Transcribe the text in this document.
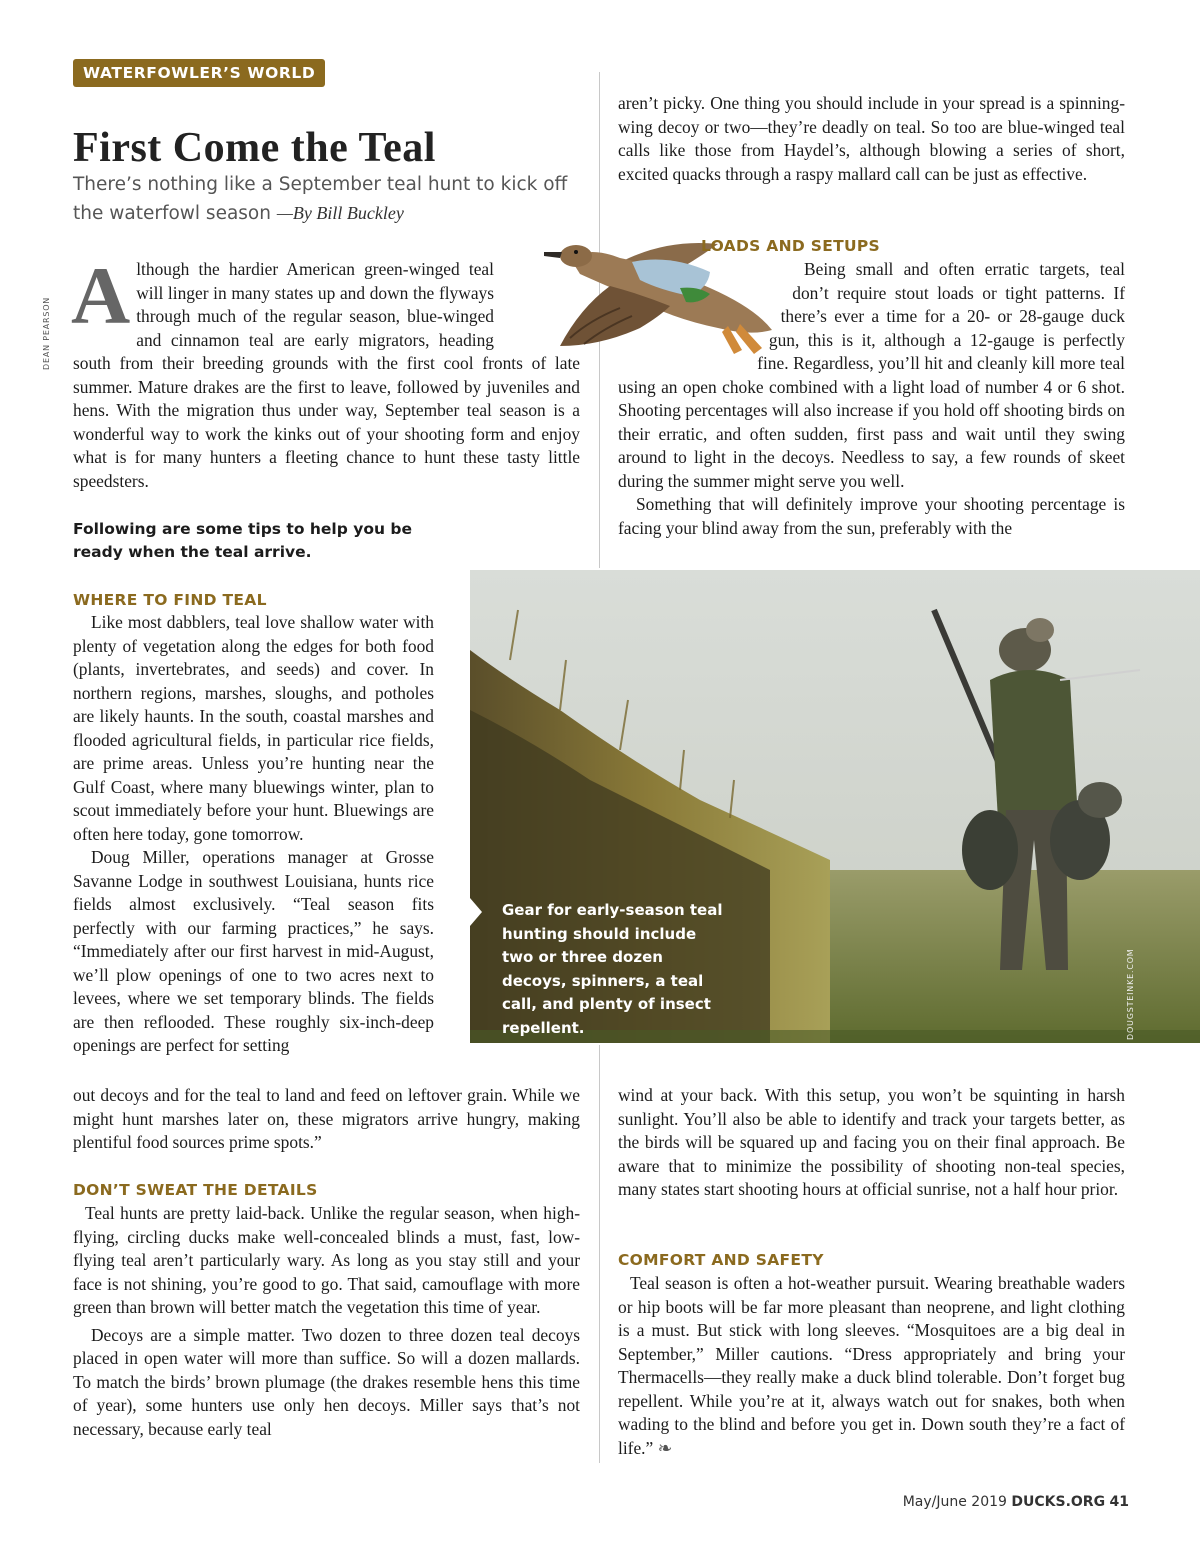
WATERFOWLER’S WORLD
First Come the Teal
There’s nothing like a September teal hunt to kick off the waterfowl season —By Bill Buckley
DEAN PEARSON Although the hardier American green-winged teal will linger in many states up and down the flyways through much of the regular season, blue-winged and cinnamon teal are early migrators, heading south from their breeding grounds with the first cool fronts of late summer. Mature drakes are the first to leave, followed by juveniles and hens. With the migration thus under way, September teal season is a wonderful way to work the kinks out of your shooting form and enjoy what is for many hunters a fleeting chance to hunt these tasty little speedsters.
Following are some tips to help you be ready when the teal arrive.
WHERE TO FIND TEAL

Like most dabblers, teal love shallow water with plenty of vegetation along the edges for both food (plants, invertebrates, and seeds) and cover. In northern regions, marshes, sloughs, and potholes are likely haunts. In the south, coastal marshes and flooded agricultural fields, in particular rice fields, are prime areas. Unless you’re hunting near the Gulf Coast, where many bluewings winter, plan to scout immediately before your hunt. Bluewings are often here today, gone tomorrow.

Doug Miller, operations manager at Grosse Savanne Lodge in southwest Louisiana, hunts rice fields almost exclusively. “Teal season fits perfectly with our farming practices,” he says. “Immediately after our first harvest in mid-August, we’ll plow openings of one to two acres next to levees, where we set temporary blinds. The fields are then reflooded. These roughly six-inch-deep openings are perfect for setting

out decoys and for the teal to land and feed on leftover grain. While we might hunt marshes later on, these migrators arrive hungry, making plentiful food sources prime spots.”

DON’T SWEAT THE DETAILS

Teal hunts are pretty laid-back. Unlike the regular season, when high-flying, circling ducks make well-concealed blinds a must, fast, low-flying teal aren’t particularly wary. As long as you stay still and your face is not shining, you’re good to go. That said, camouflage with more green than brown will better match the vegetation this time of year.

Decoys are a simple matter. Two dozen to three dozen teal decoys placed in open water will more than suffice. So will a dozen mallards. To match the birds’ brown plumage (the drakes resemble hens this time of year), some hunters use only hen decoys. Miller says that’s not necessary, because early teal

aren’t picky. One thing you should include in your spread is a spinning-wing decoy or two—they’re deadly on teal. So too are blue-winged teal calls like those from Haydel’s, although blowing a series of short, excited quacks through a raspy mallard call can be just as effective.

LOADS AND SETUPS

Being small and often erratic targets, teal don’t require stout loads or tight patterns. If there’s ever a time for a 20- or 28-gauge duck gun, this is it, although a 12-gauge is perfectly fine. Regardless, you’ll hit and cleanly kill more teal using an open choke combined with a light load of number 4 or 6 shot. Shooting percentages will also increase if you hold off shooting birds on their erratic, and often sudden, first pass and wait until they swing around to light in the decoys. Needless to say, a few rounds of skeet during the summer might serve you well.

Something that will definitely improve your shooting percentage is facing your blind away from the sun, preferably with the

wind at your back. With this setup, you won’t be squinting in harsh sunlight. You’ll also be able to identify and track your targets better, as the birds will be squared up and facing you on their final approach. Be aware that to minimize the possibility of shooting non-teal species, many states start shooting hours at official sunrise, not a half hour prior.

COMFORT AND SAFETY

Teal season is often a hot-weather pursuit. Wearing breathable waders or hip boots will be far more pleasant than neoprene, and light clothing is a must. But stick with long sleeves. “Mosquitoes are a big deal in September,” Miller cautions. “Dress appropriately and bring your Thermacells—they really make a duck blind tolerable. Don’t forget bug repellent. While you’re at it, always watch out for snakes, both when wading to the blind and before you get in. Down south they’re a fact of life.” ❧

Gear for early-season teal hunting should include two or three dozen decoys, spinners, a teal call, and plenty of insect repellent.	DOUGSTEINKE.COM
May/June 2019 DUCKS.ORG 41
